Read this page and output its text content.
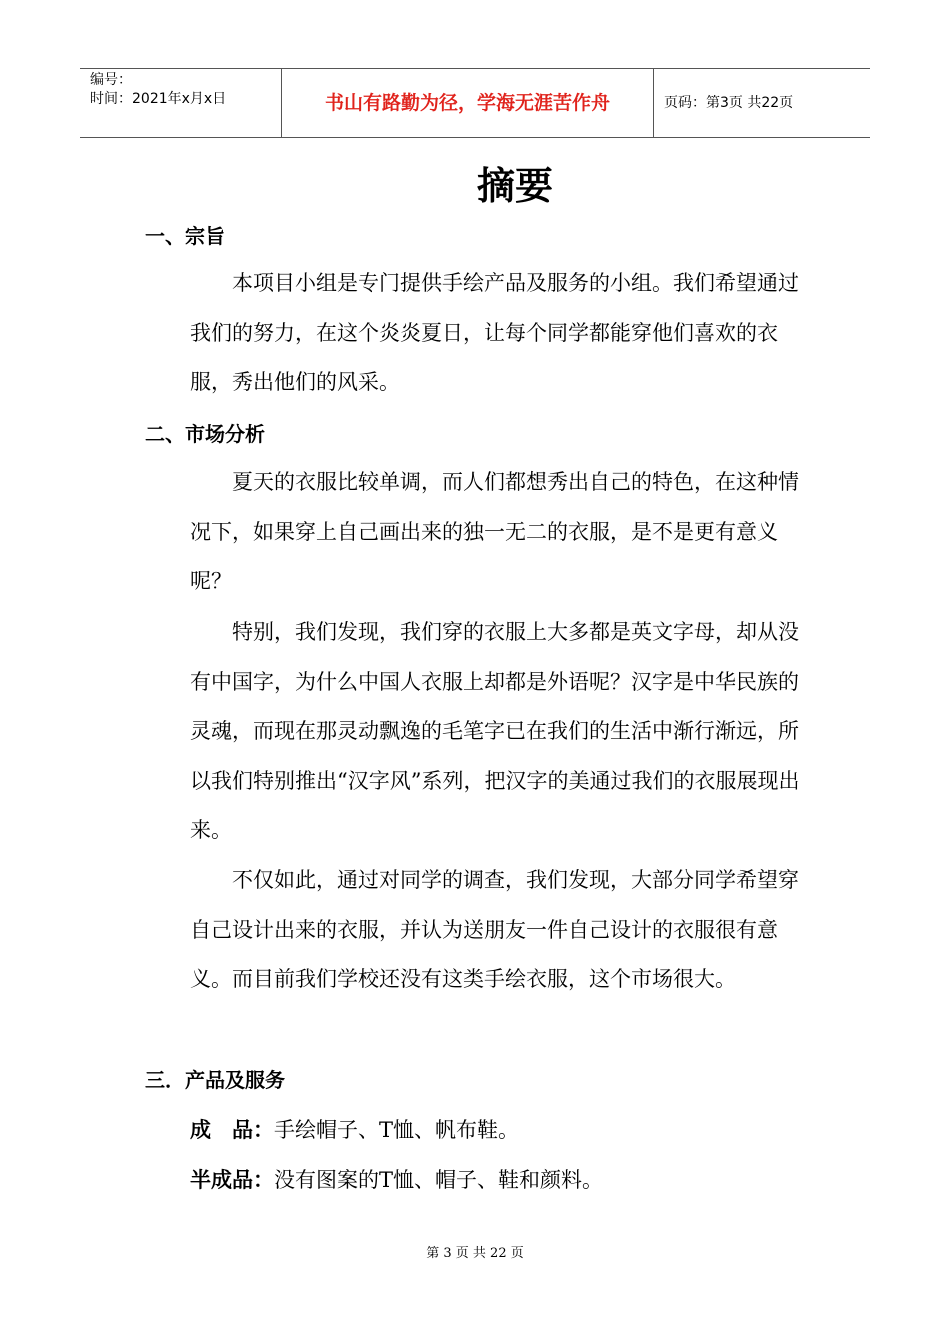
编号：
时间：2021年x月x日	书山有路勤为径，学海无涯苦作舟	页码：第3页 共22页
摘要
一、宗旨
本项目小组是专门提供手绘产品及服务的小组。我们希望通过我们的努力，在这个炎炎夏日，让每个同学都能穿他们喜欢的衣服，秀出他们的风采。
二、市场分析
夏天的衣服比较单调，而人们都想秀出自己的特色，在这种情况下，如果穿上自己画出来的独一无二的衣服，是不是更有意义呢？
特别，我们发现，我们穿的衣服上大多都是英文字母，却从没有中国字，为什么中国人衣服上却都是外语呢？汉字是中华民族的灵魂，而现在那灵动飘逸的毛笔字已在我们的生活中渐行渐远，所以我们特别推出“汉字风”系列，把汉字的美通过我们的衣服展现出来。
不仅如此，通过对同学的调查，我们发现，大部分同学希望穿自己设计出来的衣服，并认为送朋友一件自己设计的衣服很有意义。而目前我们学校还没有这类手绘衣服，这个市场很大。
三．产品及服务
成　品：手绘帽子、T恤、帆布鞋。
半成品：没有图案的T恤、帽子、鞋和颜料。
第 3 页 共 22 页
